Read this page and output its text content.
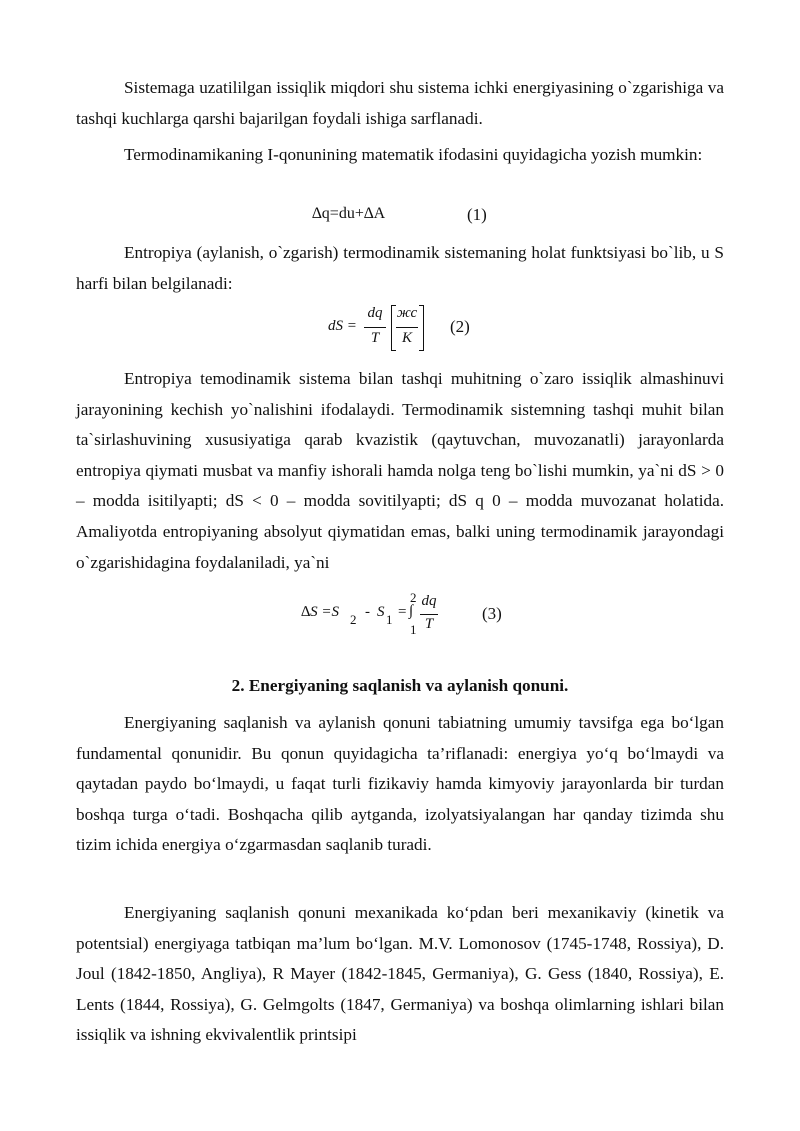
Sistemaga uzatililgan issiqlik miqdori shu sistema ichki energiyasining o`zgarishiga va tashqi kuchlarga qarshi bajarilgan foydali ishiga sarflanadi.

Termodinamikaning I-qonunining matematik ifodasini quyidagicha yozish mumkin:

∆q=du+∆A	(1)

Entropiya (aylanish, o`zgarish) termodinamik sistemaning holat funktsiyasi bo`lib, u S harfi bilan belgilanadi:

dS =
dq
T
жс
K
(2)

Entropiya temodinamik sistema bilan tashqi muhitning o`zaro issiqlik almashinuvi jarayonining kechish yo`nalishini ifodalaydi. Termodinamik sistemning tashqi muhit bilan ta`sirlashuvining xususiyatiga qarab kvazistik (qaytuvchan, muvozanatli) jarayonlarda entropiya qiymati musbat va manfiy ishorali hamda nolga teng bo`lishi mumkin, ya`ni dS > 0 – modda isitilyapti; dS < 0 – modda sovitilyapti; dS q 0 – modda muvozanat holatida. Amaliyotda entropiyaning absolyut qiymatidan emas, balki uning termodinamik jarayondagi o`zgarishidagina foydalaniladi, ya`ni

∆S =S 2 - S 1 =
2
∫
1
dq
T
(3)
2. Energiyaning saqlanish va aylanish qonuni.

Energiyaning saqlanish va aylanish qonuni tabiatning umumiy tavsifga ega bo‘lgan fundamental qonunidir. Bu qonun quyidagicha ta’riflanadi: energiya yo‘q bo‘lmaydi va qaytadan paydo bo‘lmaydi, u faqat turli fizikaviy hamda kimyoviy jarayonlarda bir turdan boshqa turga o‘tadi. Boshqacha qilib aytganda, izolyatsiyalangan har qanday tizimda shu tizim ichida energiya o‘zgarmasdan saqlanib turadi.

Energiyaning saqlanish qonuni mexanikada ko‘pdan beri mexanikaviy (kinetik va potentsial) energiyaga tatbiqan ma’lum bo‘lgan. M.V. Lomonosov (1745-1748, Rossiya), D. Joul (1842-1850, Angliya), R Mayer (1842-1845, Germaniya), G. Gess (1840, Rossiya), E. Lents (1844, Rossiya), G. Gelmgolts (1847, Germaniya) va boshqa olimlarning ishlari bilan issiqlik va ishning ekvivalentlik printsipi
